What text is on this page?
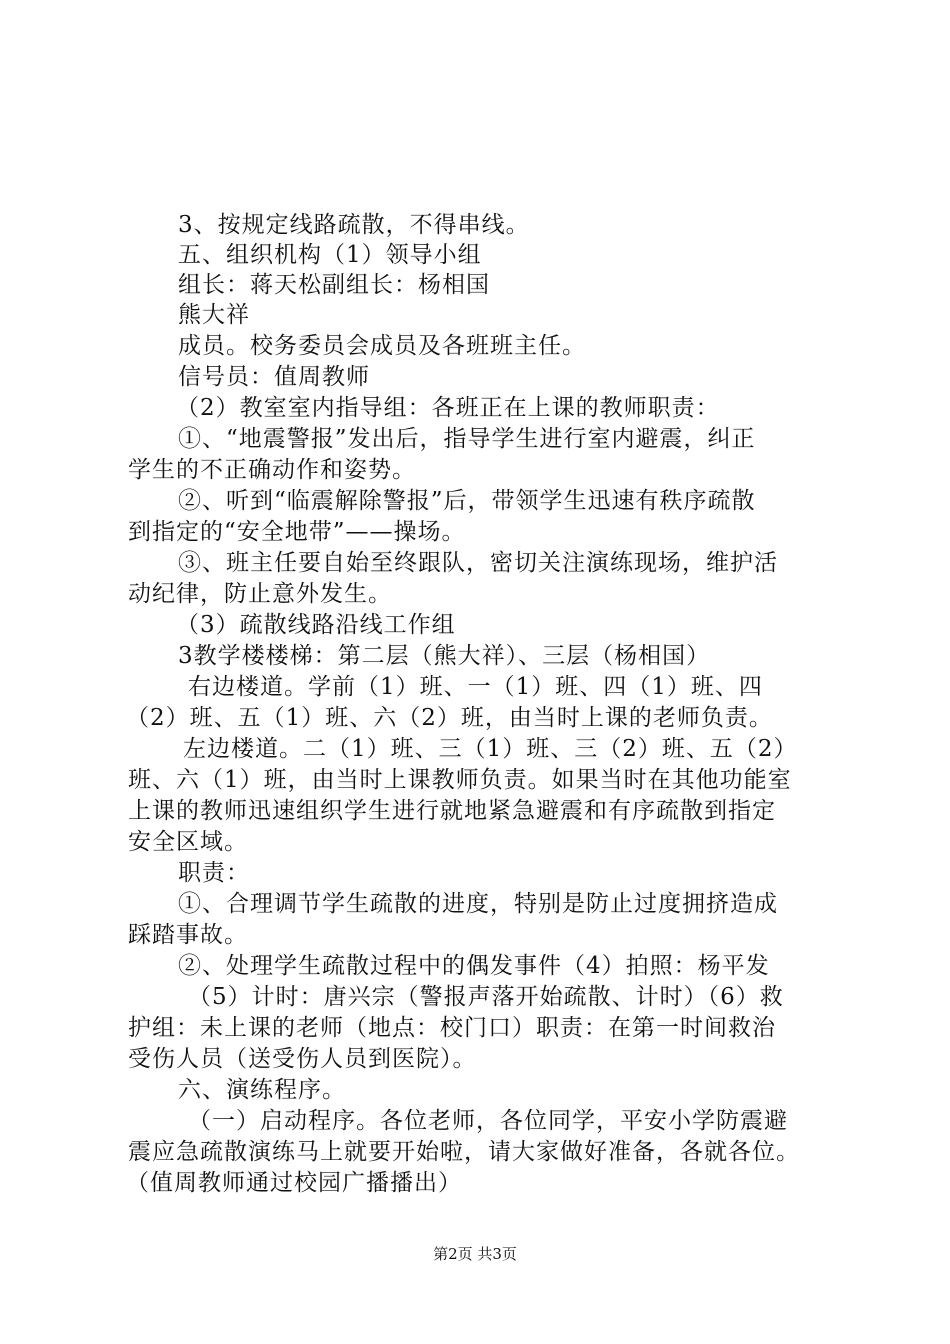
3、按规定线路疏散，不得串线。
五、组织机构（1）领导小组
组长：蒋天松副组长：杨相国
熊大祥
成员。校务委员会成员及各班班主任。
信号员：值周教师
（2）教室室内指导组：各班正在上课的教师职责：
①、“地震警报”发出后，指导学生进行室内避震，纠正
学生的不正确动作和姿势。
②、听到“临震解除警报”后，带领学生迅速有秩序疏散
到指定的“安全地带”——操场。
③、班主任要自始至终跟队，密切关注演练现场，维护活
动纪律，防止意外发生。
（3）疏散线路沿线工作组
3教学楼楼梯：第二层（熊大祥）、三层（杨相国）
右边楼道。学前（1）班、一（1）班、四（1）班、四
（2）班、五（1）班、六（2）班，由当时上课的老师负责。
左边楼道。二（1）班、三（1）班、三（2）班、五（2）
班、六（1）班，由当时上课教师负责。如果当时在其他功能室
上课的教师迅速组织学生进行就地紧急避震和有序疏散到指定
安全区域。
职责：
①、合理调节学生疏散的进度，特别是防止过度拥挤造成
踩踏事故。
②、处理学生疏散过程中的偶发事件（4）拍照：杨平发
（5）计时：唐兴宗（警报声落开始疏散、计时）（6）救
护组：未上课的老师（地点：校门口）职责：在第一时间救治
受伤人员（送受伤人员到医院）。
六、演练程序。
（一）启动程序。各位老师，各位同学，平安小学防震避
震应急疏散演练马上就要开始啦，请大家做好准备，各就各位。
（值周教师通过校园广播播出）
第2页 共3页
